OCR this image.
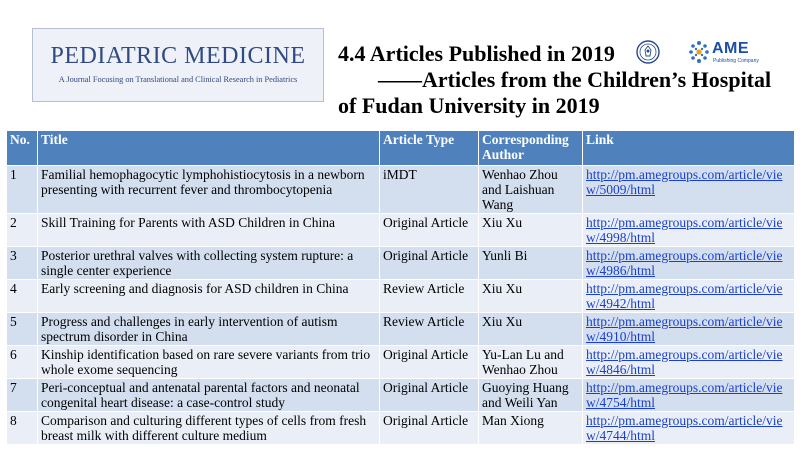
PEDIATRIC MEDICINE
A Journal Focusing on Translational and Clinical Research in Pediatrics
4.4 Articles Published in 2019
——Articles from the Children’s Hospital
of Fudan University in 2019
AME
Publishing Company
No.	Title	Article Type	Corresponding Author	Link
1	Familial hemophagocytic lymphohistiocytosis in a newborn presenting with recurrent fever and thrombocytopenia	iMDT	Wenhao Zhou and Laishuan Wang	http://pm.amegroups.com/article/view/5009/html
2	Skill Training for Parents with ASD Children in China	Original Article	Xiu Xu	http://pm.amegroups.com/article/view/4998/html
3	Posterior urethral valves with collecting system rupture: a single center experience	Original Article	Yunli Bi	http://pm.amegroups.com/article/view/4986/html
4	Early screening and diagnosis for ASD children in China	Review Article	Xiu Xu	http://pm.amegroups.com/article/view/4942/html
5	Progress and challenges in early intervention of autism spectrum disorder in China	Review Article	Xiu Xu	http://pm.amegroups.com/article/view/4910/html
6	Kinship identification based on rare severe variants from trio whole exome sequencing	Original Article	Yu-Lan Lu and Wenhao Zhou	http://pm.amegroups.com/article/view/4846/html
7	Peri-conceptual and antenatal parental factors and neonatal congenital heart disease: a case-control study	Original Article	Guoying Huang and Weili Yan	http://pm.amegroups.com/article/view/4754/html
8	Comparison and culturing different types of cells from fresh breast milk with different culture medium	Original Article	Man Xiong	http://pm.amegroups.com/article/view/4744/html
